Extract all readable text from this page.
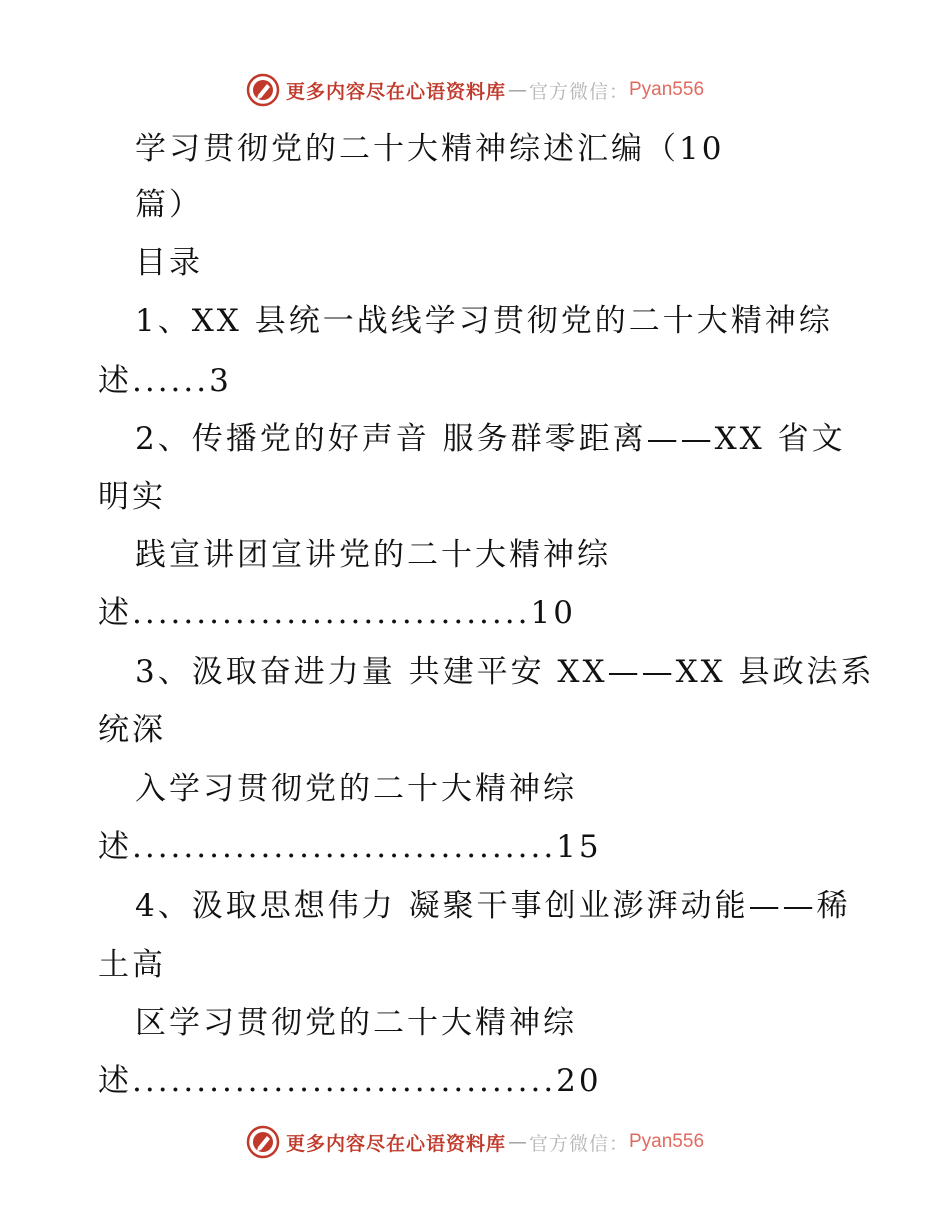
更多内容尽在心语资料库 — 官方微信： Pyan556
学习贯彻党的二十大精神综述汇编（10
篇）
目录
1、XX 县统一战线学习贯彻党的二十大精神综
述......3
2、传播党的好声音 服务群零距离——XX 省文
明实
践宣讲团宣讲党的二十大精神综
述...............................10
3、汲取奋进力量 共建平安 XX——XX 县政法系
统深
入学习贯彻党的二十大精神综
述.................................15
4、汲取思想伟力 凝聚干事创业澎湃动能——稀
土高
区学习贯彻党的二十大精神综
述.................................20
更多内容尽在心语资料库 — 官方微信： Pyan556
